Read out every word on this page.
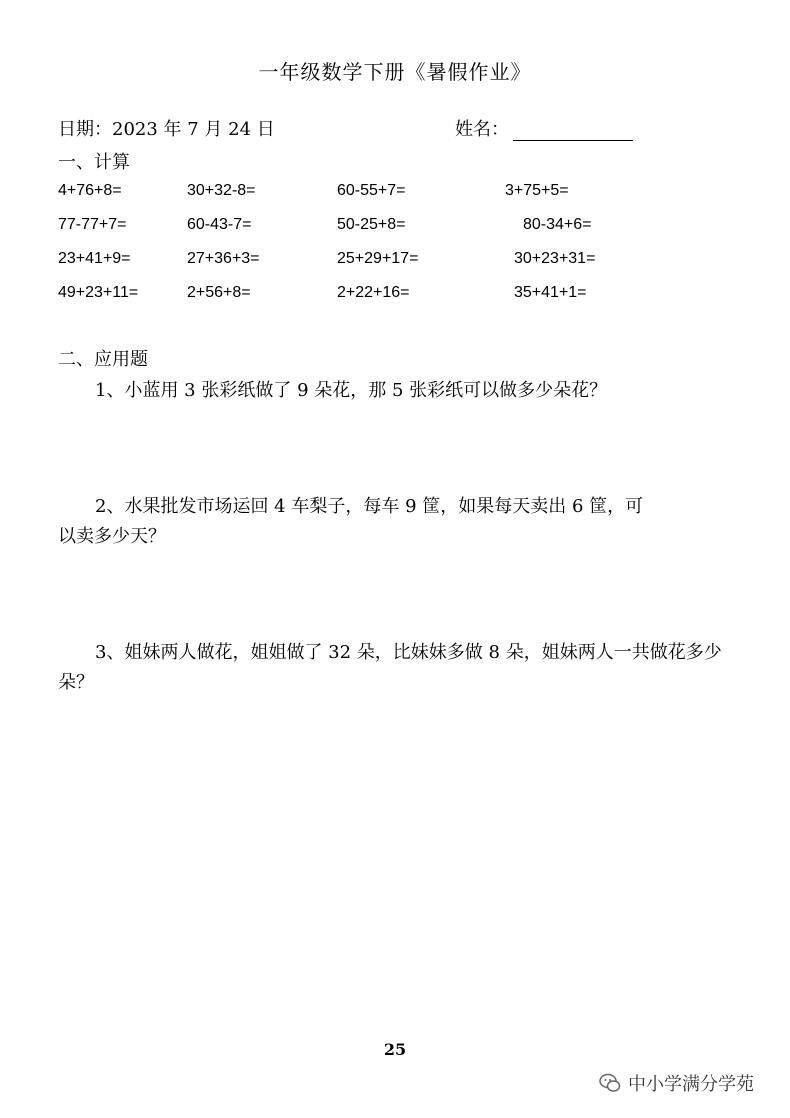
一年级数学下册《暑假作业》
日期：2023 年 7 月 24 日	姓名：
一、计算
4+76+8=	30+32-8=	60-55+7=	3+75+5=
77-77+7=	60-43-7=	50-25+8=	80-34+6=
23+41+9=	27+36+3=	25+29+17=	30+23+31=
49+23+11=	2+56+8=	2+22+16=	35+41+1=
二、应用题
1、小蓝用 3 张彩纸做了 9 朵花，那 5 张彩纸可以做多少朵花？
2、水果批发市场运回 4 车梨子，每车 9 筐，如果每天卖出 6 筐，可
以卖多少天？
3、姐妹两人做花，姐姐做了 32 朵，比妹妹多做 8 朵，姐妹两人一共做花多少
朵？
25
中小学满分学苑
